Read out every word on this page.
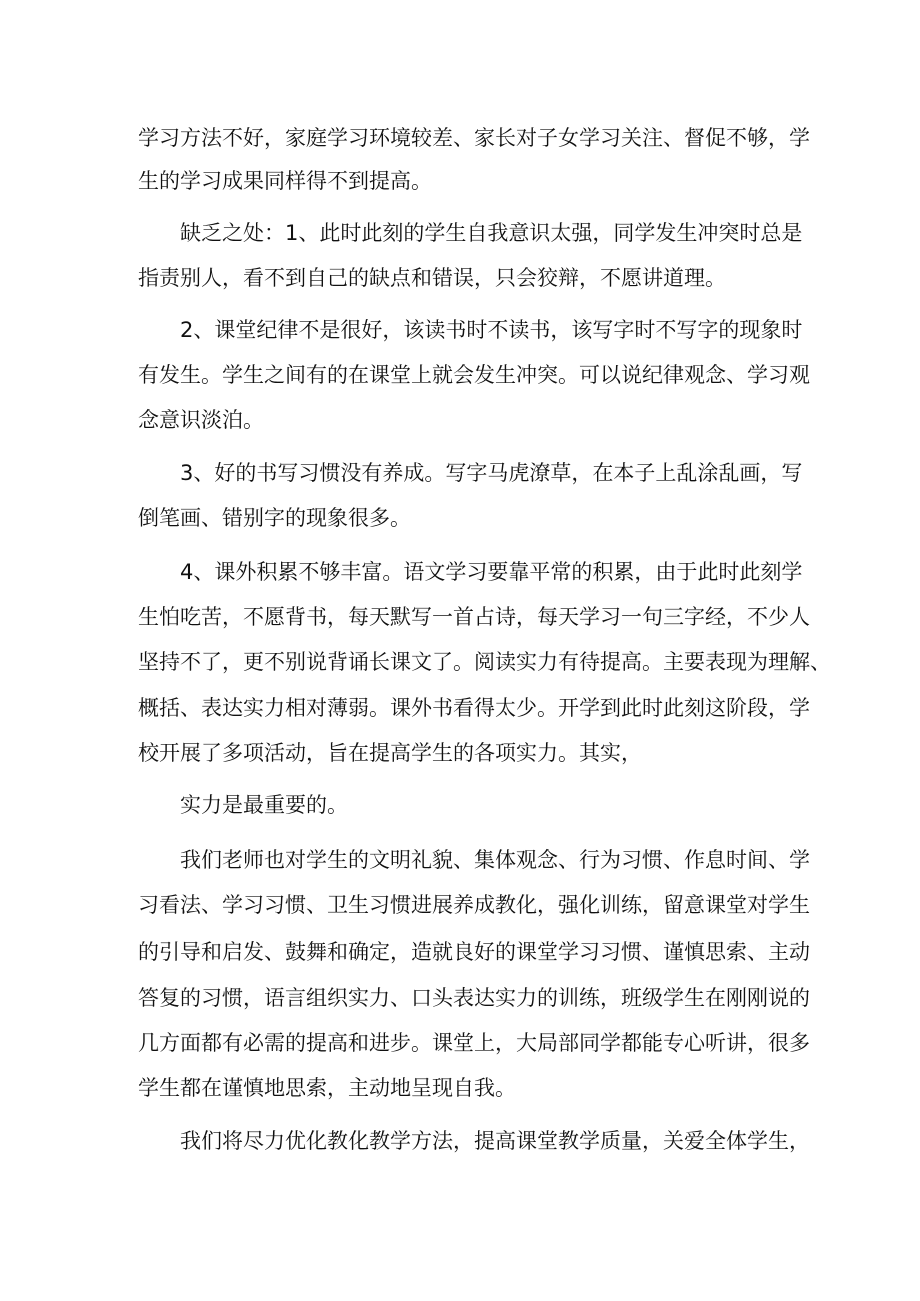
学习方法不好，家庭学习环境较差、家长对子女学习关注、督促不够，学

生的学习成果同样得不到提高。

缺乏之处：1、此时此刻的学生自我意识太强，同学发生冲突时总是

指责别人，看不到自己的缺点和错误，只会狡辩，不愿讲道理。

2、课堂纪律不是很好，该读书时不读书，该写字时不写字的现象时

有发生。学生之间有的在课堂上就会发生冲突。可以说纪律观念、学习观

念意识淡泊。

3、好的书写习惯没有养成。写字马虎潦草，在本子上乱涂乱画，写

倒笔画、错别字的现象很多。

4、课外积累不够丰富。语文学习要靠平常的积累，由于此时此刻学

生怕吃苦，不愿背书，每天默写一首占诗，每天学习一句三字经，不少人

坚持不了，更不别说背诵长课文了。阅读实力有待提高。主要表现为理解、

概括、表达实力相对薄弱。课外书看得太少。开学到此时此刻这阶段，学

校开展了多项活动，旨在提高学生的各项实力。其实，

实力是最重要的。

我们老师也对学生的文明礼貌、集体观念、行为习惯、作息时间、学

习看法、学习习惯、卫生习惯进展养成教化，强化训练，留意课堂对学生

的引导和启发、鼓舞和确定，造就良好的课堂学习习惯、谨慎思索、主动

答复的习惯，语言组织实力、口头表达实力的训练，班级学生在刚刚说的

几方面都有必需的提高和进步。课堂上，大局部同学都能专心听讲，很多

学生都在谨慎地思索，主动地呈现自我。

我们将尽力优化教化教学方法，提高课堂教学质量，关爱全体学生，
